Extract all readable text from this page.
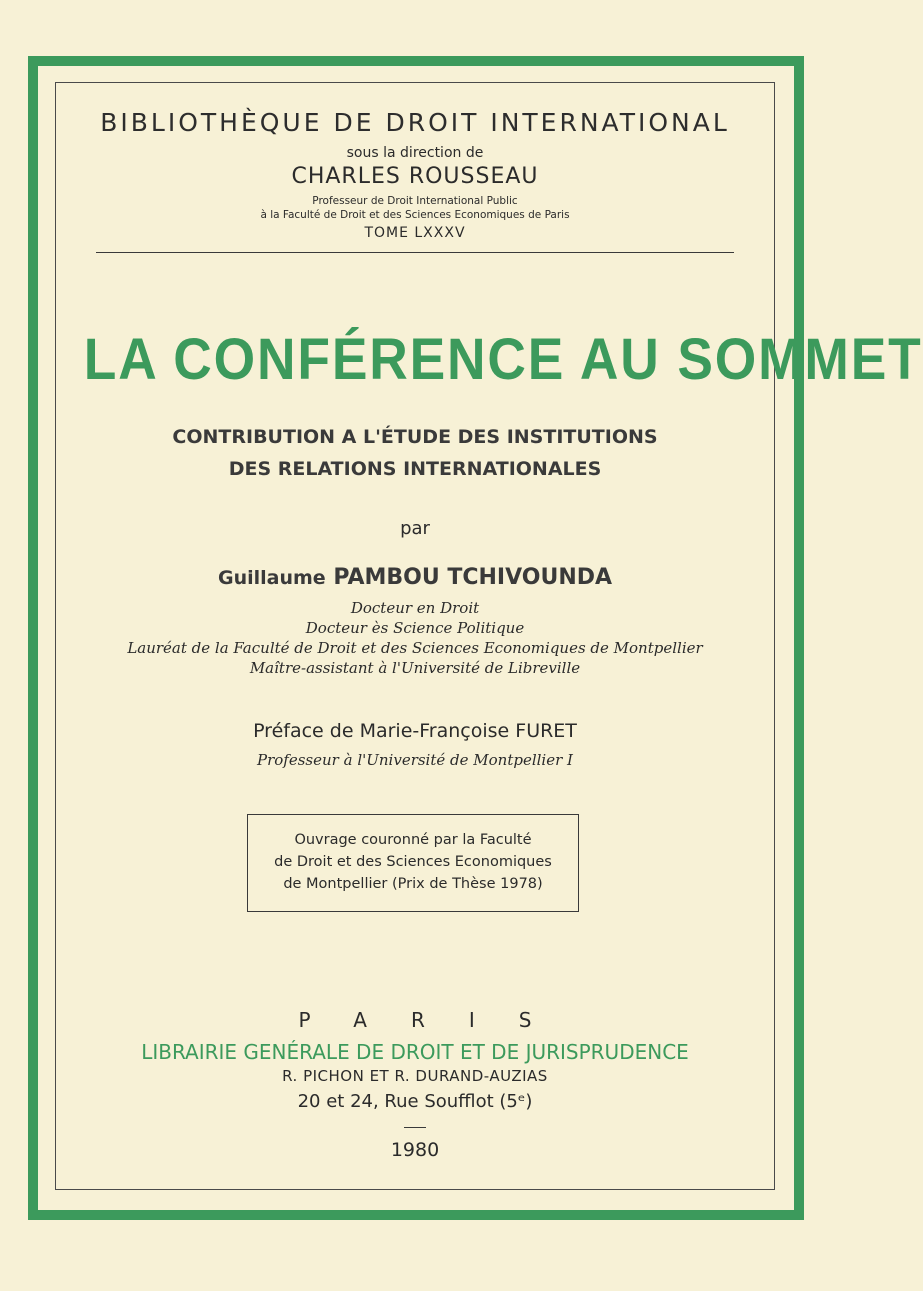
BIBLIOTHÈQUE DE DROIT INTERNATIONAL
sous la direction de
CHARLES ROUSSEAU
Professeur de Droit International Public
à la Faculté de Droit et des Sciences Economiques de Paris
TOME LXXXV
LA CONFÉRENCE AU SOMMET
CONTRIBUTION A L'ÉTUDE DES INSTITUTIONS
DES RELATIONS INTERNATIONALES
par
Guillaume PAMBOU TCHIVOUNDA
Docteur en Droit
Docteur ès Science Politique
Lauréat de la Faculté de Droit et des Sciences Economiques de Montpellier
Maître-assistant à l'Université de Libreville
Préface de Marie-Françoise FURET
Professeur à l'Université de Montpellier I
Ouvrage couronné par la Faculté
de Droit et des Sciences Economiques
de Montpellier (Prix de Thèse 1978)
PARIS
LIBRAIRIE GENÉRALE DE DROIT ET DE JURISPRUDENCE
R. PICHON ET R. DURAND-AUZIAS
20 et 24, Rue Soufflot (5ᵉ)
1980
